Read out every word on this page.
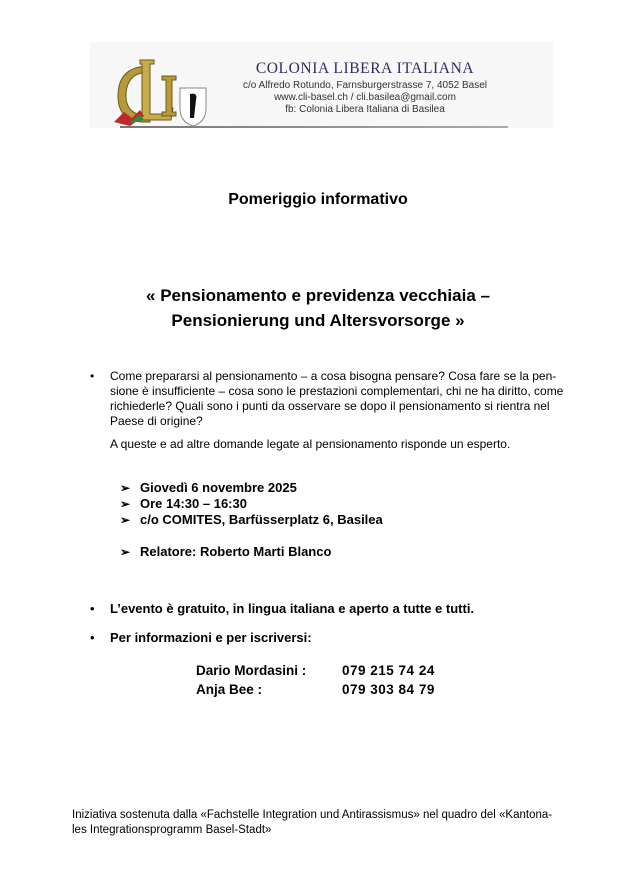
COLONIA LIBERA ITALIANA
c/o Alfredo Rotundo, Farnsburgerstrasse 7, 4052 Basel
www.cli-basel.ch / cli.basilea@gmail.com
fb: Colonia Libera Italiana di Basilea
Pomeriggio informativo
« Pensionamento e previdenza vecchiaia –
Pensionierung und Altersvorsorge »
• Come prepararsi al pensionamento – a cosa bisogna pensare? Cosa fare se la pen-
sione è insufficiente – cosa sono le prestazioni complementari, chi ne ha diritto, come
richiederle? Quali sono i punti da osservare se dopo il pensionamento si rientra nel
Paese di origine?
A queste e ad altre domande legate al pensionamento risponde un esperto.
➢ Giovedì 6 novembre 2025
➢ Ore 14:30 – 16:30
➢ c/o COMITES, Barfüsserplatz 6, Basilea
➢ Relatore: Roberto Marti Blanco
• L’evento è gratuito, in lingua italiana e aperto a tutte e tutti.
• Per informazioni e per iscriversi:
Dario Mordasini :	079 215 74 24
Anja Bee :	079 303 84 79
Iniziativa sostenuta dalla «Fachstelle Integration und Antirassismus» nel quadro del «Kantona-
les Integrationsprogramm Basel-Stadt»
